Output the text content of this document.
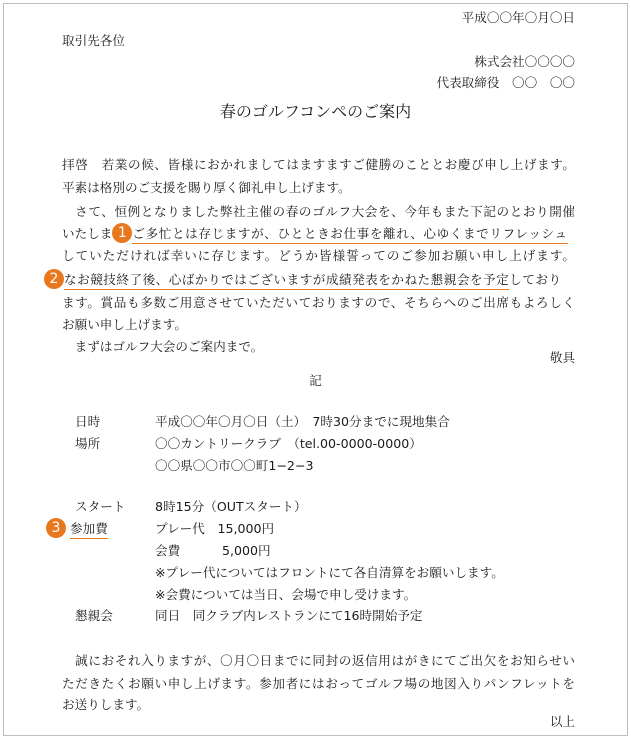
平成〇〇年〇月〇日
取引先各位
株式会社〇〇〇〇
代表取締役　〇〇　〇〇
春のゴルフコンペのご案内
拝啓　若業の候、皆様におかれましてはますますご健勝のこととお慶び申し上げます。
平素は格別のご支援を賜り厚く御礼申し上げます。
　さて、恒例となりました弊社主催の春のゴルフ大会を、今年もまた下記のとおり開催
いたしま 1 ご多忙とは存じますが、ひとときお仕事を離れ、心ゆくまでリフレッシュ
していただければ幸いに存じます。どうか皆様誓ってのご参加お願い申し上げます。
2 なお競技終了後、心ばかりではございますが成績発表をかねた懇親会を予定しており
ます。賞品も多数ご用意させていただいておりますので、そちらへのご出席もよろしく
お願い申し上げます。
　まずはゴルフ大会のご案内まで。
敬具
記
日時	平成〇〇年〇月〇日（土）　7時30分までに現地集合
場所	〇〇カントリークラブ　（tel.00-0000-0000）
〇〇県〇〇市〇〇町1−2−3
スタート 8時15分（OUTスタート）
3 参加費	プレー代　15,000円
会費　　　 5,000円
※プレー代についてはフロントにて各自清算をお願いします。
※会費については当日、会場で申し受けます。
懇親会	同日　同クラブ内レストランにて16時開始予定
　誠におそれ入りますが、〇月〇日までに同封の返信用はがきにてご出欠をお知らせい
ただきたくお願い申し上げます。参加者にはおってゴルフ場の地図入りパンフレットを
お送りします。
以上
